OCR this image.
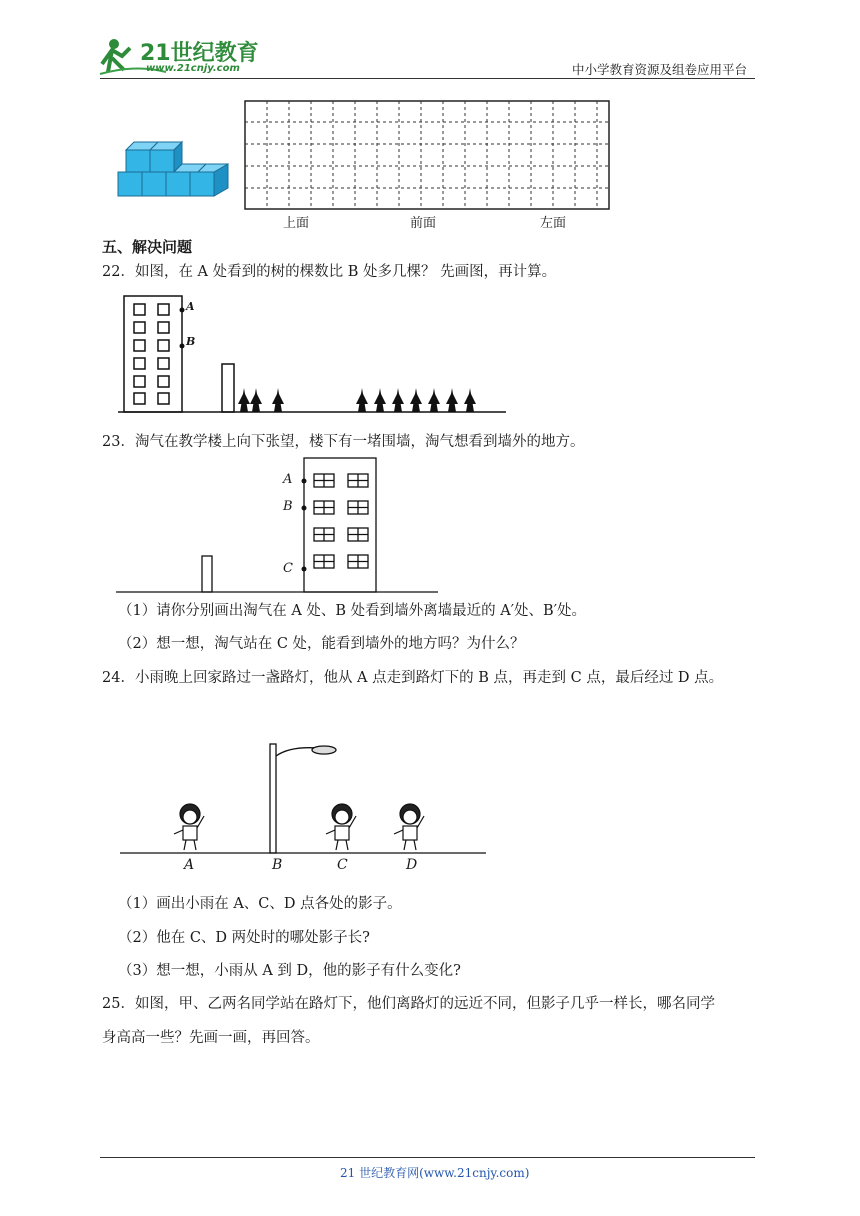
21世纪教育
www.21cnjy.com	中小学教育资源及组卷应用平台
上面	前面	左面
五、解决问题
22．如图，在 A 处看到的树的棵数比 B 处多几棵？ 先画图，再计算。
A
B
23．淘气在教学楼上向下张望，楼下有一堵围墙，淘气想看到墙外的地方。
A
B
C
（1）请你分别画出淘气在 A 处、B 处看到墙外离墙最近的 A′处、B′处。
（2）想一想，淘气站在 C 处，能看到墙外的地方吗？为什么？
24．小雨晚上回家路过一盏路灯，他从 A 点走到路灯下的 B 点，再走到 C 点，最后经过 D 点。
A	B	C	D
（1）画出小雨在 A、C、D 点各处的影子。
（2）他在 C、D 两处时的哪处影子长?
（3）想一想，小雨从 A 到 D，他的影子有什么变化?
25．如图，甲、乙两名同学站在路灯下，他们离路灯的远近不同，但影子几乎一样长，哪名同学
身高高一些？先画一画，再回答。
21 世纪教育网(www.21cnjy.com)
